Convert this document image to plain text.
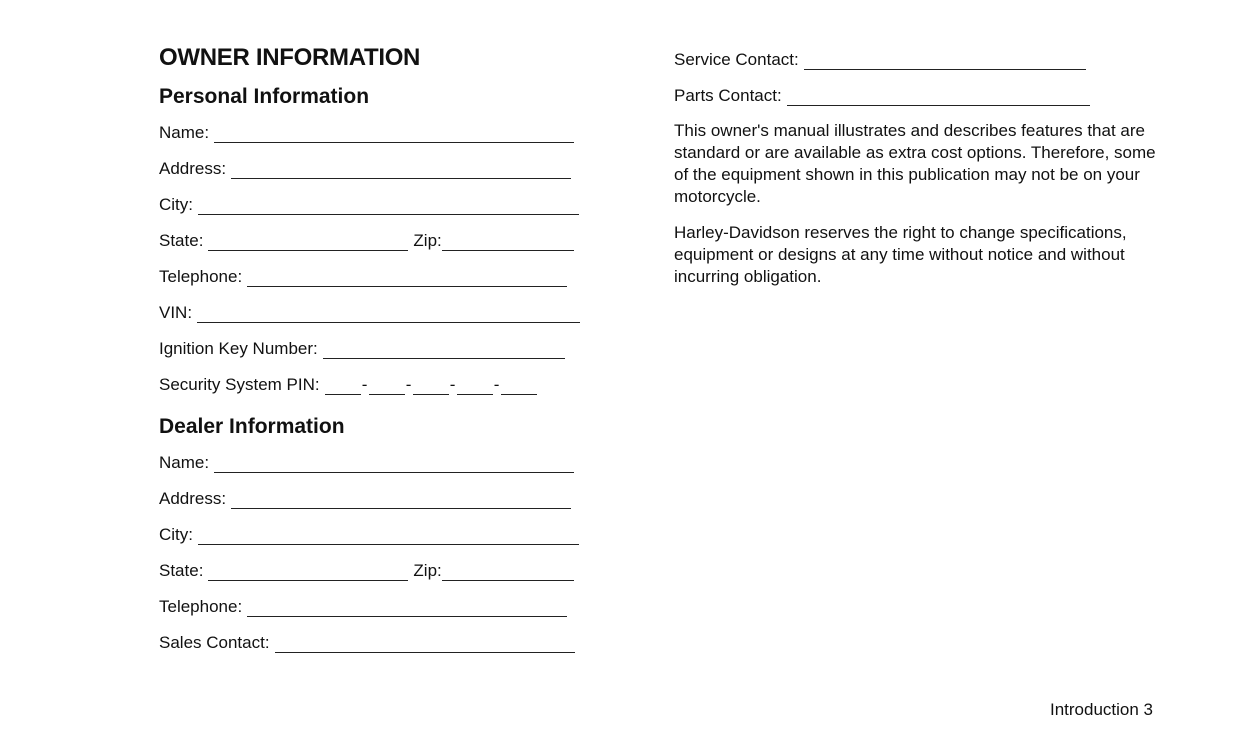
OWNER INFORMATION
Personal Information
Name:
Address:
City:
State:	Zip:
Telephone:
VIN:
Ignition Key Number:
Security System PIN: - - - -
Dealer Information
Name:
Address:
City:
State:	Zip:
Telephone:
Sales Contact:
Service Contact:
Parts Contact:

This owner's manual illustrates and describes features that are standard or are available as extra cost options. Therefore, some of the equipment shown in this publication may not be on your motorcycle.

Harley-Davidson reserves the right to change specifications, equipment or designs at any time without notice and without incurring obligation.

Introduction 3
